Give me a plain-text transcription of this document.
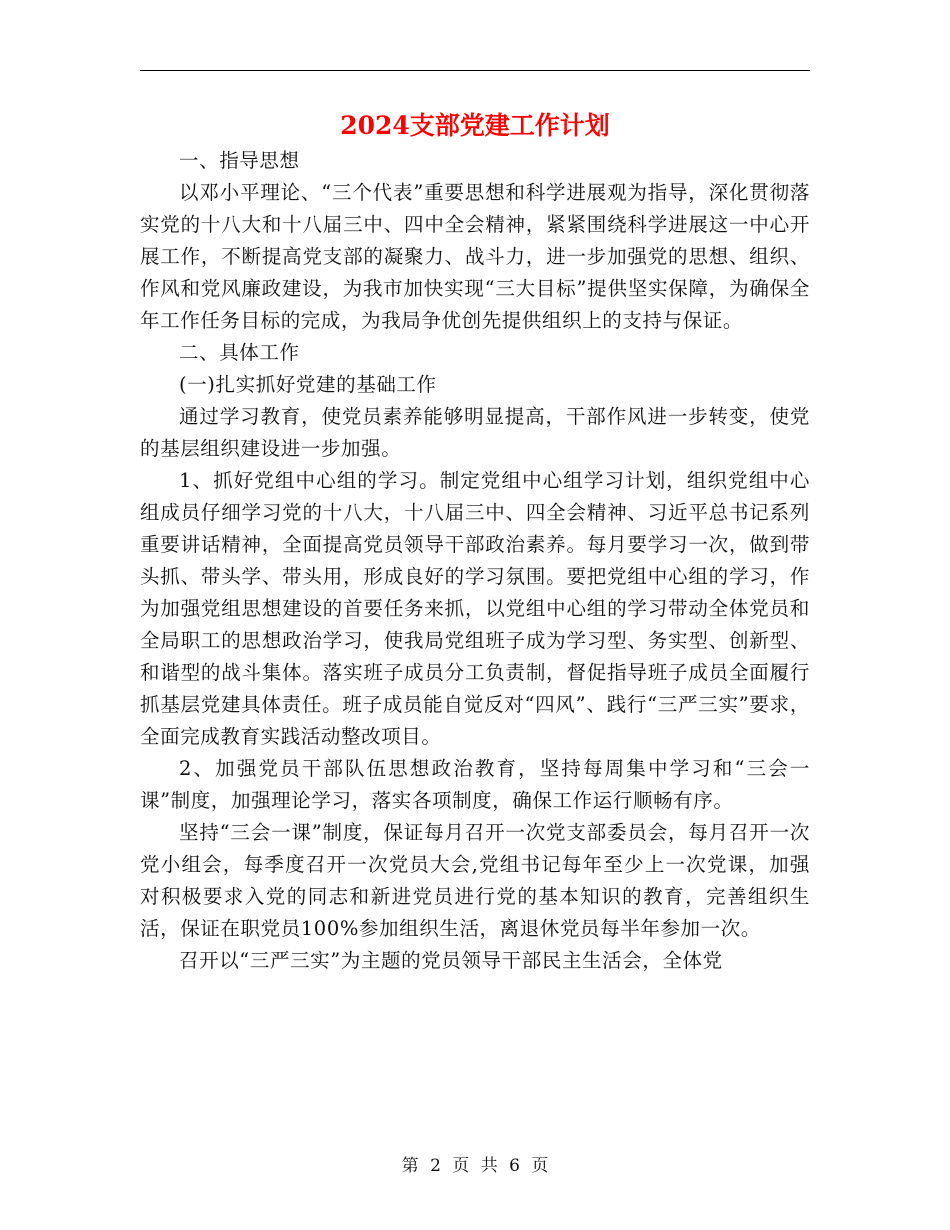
2024支部党建工作计划

一、指导思想

以邓小平理论、“三个代表”重要思想和科学进展观为指导，深化贯彻落实党的十八大和十八届三中、四中全会精神，紧紧围绕科学进展这一中心开展工作，不断提高党支部的凝聚力、战斗力，进一步加强党的思想、组织、作风和党风廉政建设，为我市加快实现“三大目标”提供坚实保障，为确保全年工作任务目标的完成，为我局争优创先提供组织上的支持与保证。

二、具体工作

(一)扎实抓好党建的基础工作

通过学习教育，使党员素养能够明显提高，干部作风进一步转变，使党的基层组织建设进一步加强。

1、抓好党组中心组的学习。制定党组中心组学习计划，组织党组中心组成员仔细学习党的十八大，十八届三中、四全会精神、习近平总书记系列重要讲话精神，全面提高党员领导干部政治素养。每月要学习一次，做到带头抓、带头学、带头用，形成良好的学习氛围。要把党组中心组的学习，作为加强党组思想建设的首要任务来抓，以党组中心组的学习带动全体党员和全局职工的思想政治学习，使我局党组班子成为学习型、务实型、创新型、和谐型的战斗集体。落实班子成员分工负责制，督促指导班子成员全面履行抓基层党建具体责任。班子成员能自觉反对“四风”、践行“三严三实”要求，全面完成教育实践活动整改项目。

2、加强党员干部队伍思想政治教育，坚持每周集中学习和“三会一课”制度，加强理论学习，落实各项制度，确保工作运行顺畅有序。

坚持“三会一课”制度，保证每月召开一次党支部委员会，每月召开一次党小组会，每季度召开一次党员大会,党组书记每年至少上一次党课，加强对积极要求入党的同志和新进党员进行党的基本知识的教育，完善组织生活，保证在职党员100%参加组织生活，离退休党员每半年参加一次。

召开以“三严三实”为主题的党员领导干部民主生活会，全体党

第 2 页 共 6 页
